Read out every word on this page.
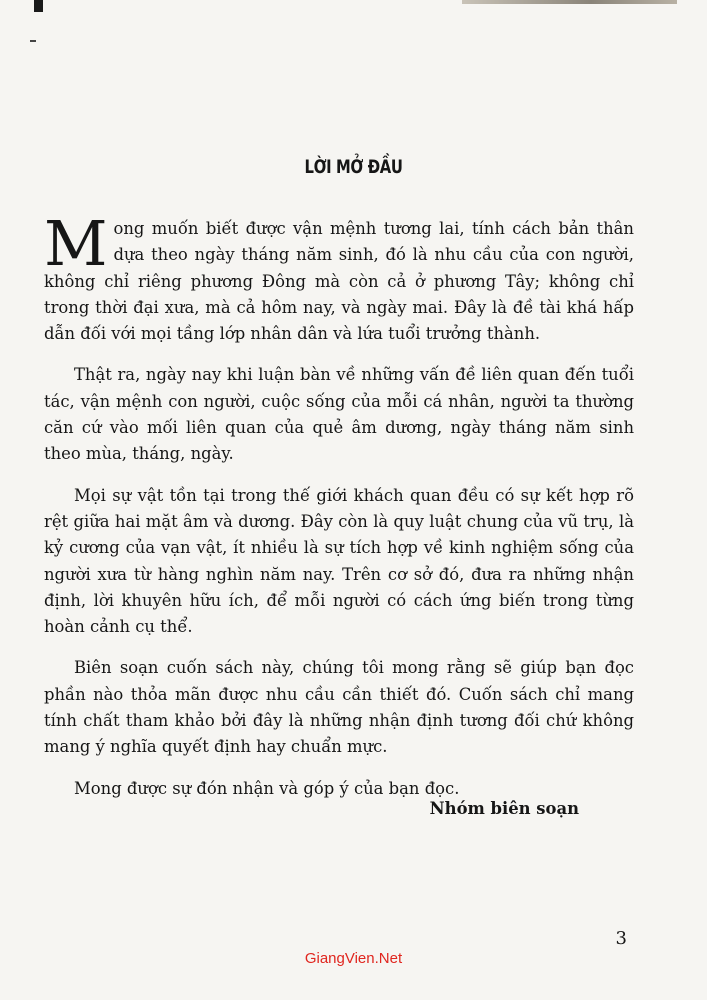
LỜI MỞ ĐẦU

Mong muốn biết được vận mệnh tương lai, tính cách bản thân dựa theo ngày tháng năm sinh, đó là nhu cầu của con người, không chỉ riêng phương Đông mà còn cả ở phương Tây; không chỉ trong thời đại xưa, mà cả hôm nay, và ngày mai. Đây là đề tài khá hấp dẫn đối với mọi tầng lớp nhân dân và lứa tuổi trưởng thành.

Thật ra, ngày nay khi luận bàn về những vấn đề liên quan đến tuổi tác, vận mệnh con người, cuộc sống của mỗi cá nhân, người ta thường căn cứ vào mối liên quan của quẻ âm dương, ngày tháng năm sinh theo mùa, tháng, ngày.

Mọi sự vật tồn tại trong thế giới khách quan đều có sự kết hợp rõ rệt giữa hai mặt âm và dương. Đây còn là quy luật chung của vũ trụ, là kỷ cương của vạn vật, ít nhiều là sự tích hợp về kinh nghiệm sống của người xưa từ hàng nghìn năm nay. Trên cơ sở đó, đưa ra những nhận định, lời khuyên hữu ích, để mỗi người có cách ứng biến trong từng hoàn cảnh cụ thể.

Biên soạn cuốn sách này, chúng tôi mong rằng sẽ giúp bạn đọc phần nào thỏa mãn được nhu cầu cần thiết đó. Cuốn sách chỉ mang tính chất tham khảo bởi đây là những nhận định tương đối chứ không mang ý nghĩa quyết định hay chuẩn mực.

Mong được sự đón nhận và góp ý của bạn đọc.

Nhóm biên soạn

3

GiangVien.Net
